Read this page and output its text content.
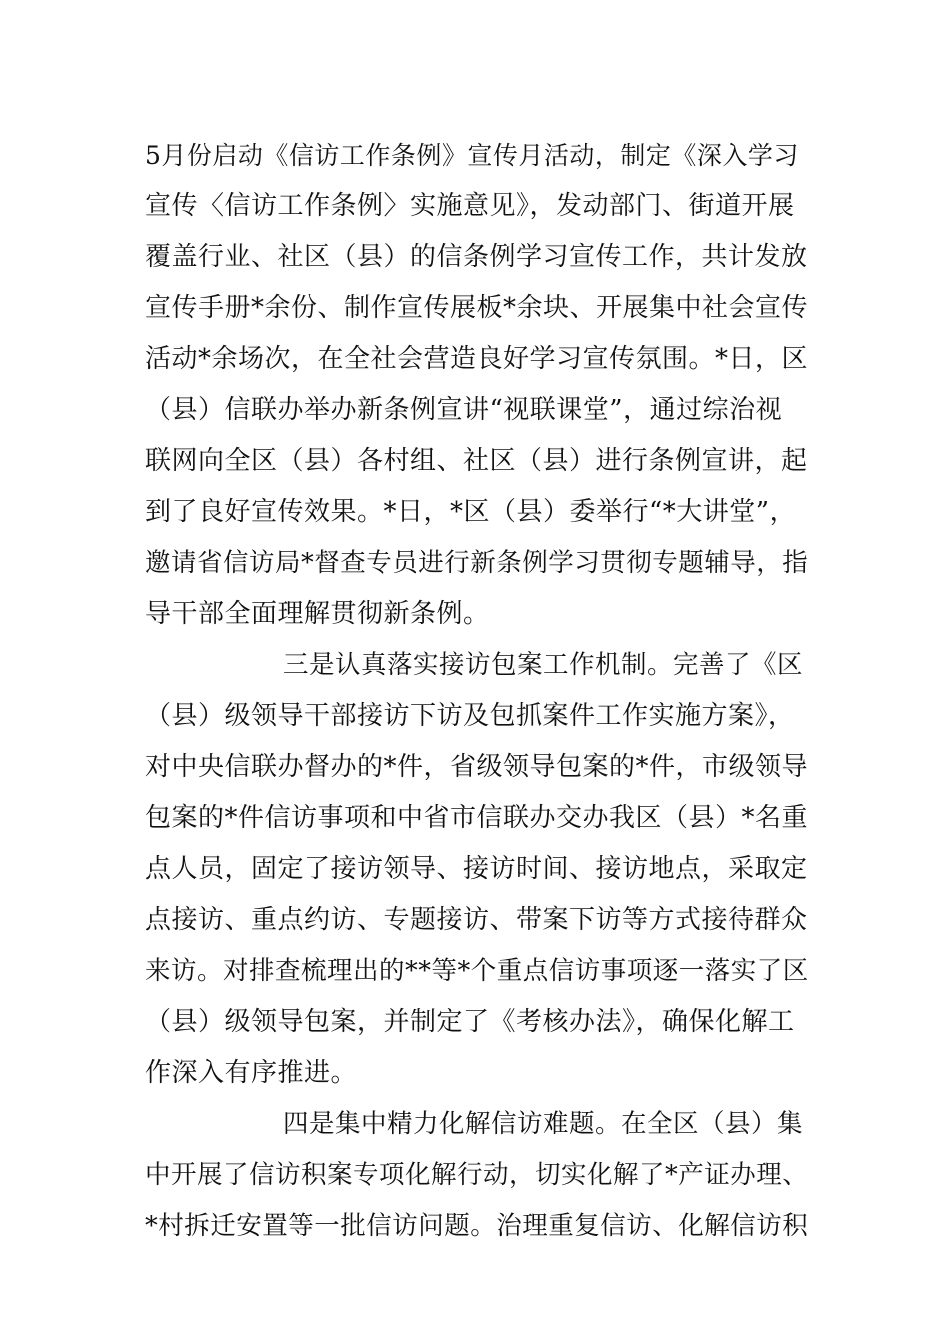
5月份启动《信访工作条例》宣传月活动，制定《深入学习
宣传〈信访工作条例〉实施意见》，发动部门、街道开展
覆盖行业、社区（县）的信条例学习宣传工作，共计发放
宣传手册*余份、制作宣传展板*余块、开展集中社会宣传
活动*余场次，在全社会营造良好学习宣传氛围。*日，区
（县）信联办举办新条例宣讲“视联课堂”，通过综治视
联网向全区（县）各村组、社区（县）进行条例宣讲，起
到了良好宣传效果。*日，*区（县）委举行“*大讲堂”，
邀请省信访局*督查专员进行新条例学习贯彻专题辅导，指
导干部全面理解贯彻新条例。
三是认真落实接访包案工作机制。完善了《区
（县）级领导干部接访下访及包抓案件工作实施方案》，
对中央信联办督办的*件，省级领导包案的*件，市级领导
包案的*件信访事项和中省市信联办交办我区（县）*名重
点人员，固定了接访领导、接访时间、接访地点，采取定
点接访、重点约访、专题接访、带案下访等方式接待群众
来访。对排查梳理出的**等*个重点信访事项逐一落实了区
（县）级领导包案，并制定了《考核办法》，确保化解工
作深入有序推进。
四是集中精力化解信访难题。在全区（县）集
中开展了信访积案专项化解行动，切实化解了*产证办理、
*村拆迁安置等一批信访问题。治理重复信访、化解信访积
